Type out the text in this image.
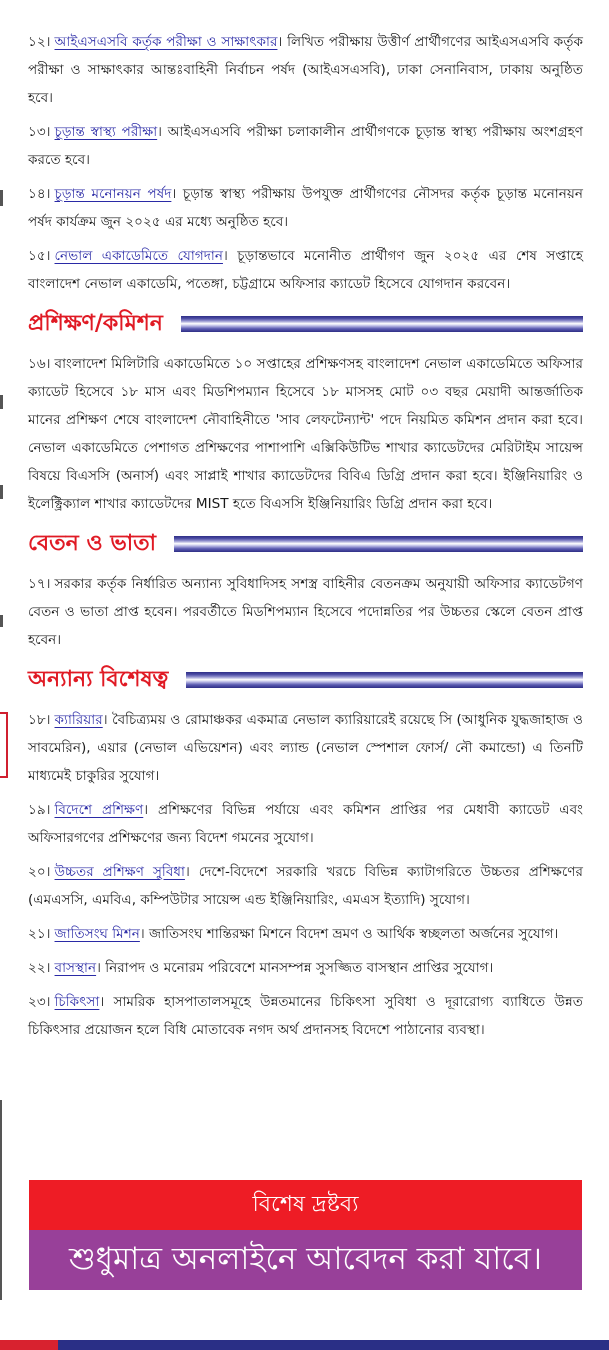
১২। আইএসএসবি কর্তৃক পরীক্ষা ও সাক্ষাৎকার। লিখিত পরীক্ষায় উত্তীর্ণ প্রার্থীগণের আইএসএসবি কর্তৃক পরীক্ষা ও সাক্ষাৎকার আন্তঃবাহিনী নির্বাচন পর্ষদ (আইএসএসবি), ঢাকা সেনানিবাস, ঢাকায় অনুষ্ঠিত হবে।

১৩। চূড়ান্ত স্বাস্থ্য পরীক্ষা। আইএসএসবি পরীক্ষা চলাকালীন প্রার্থীগণকে চূড়ান্ত স্বাস্থ্য পরীক্ষায় অংশগ্রহণ করতে হবে।

১৪। চূড়ান্ত মনোনয়ন পর্ষদ। চূড়ান্ত স্বাস্থ্য পরীক্ষায় উপযুক্ত প্রার্থীগণের নৌসদর কর্তৃক চূড়ান্ত মনোনয়ন পর্ষদ কার্যক্রম জুন ২০২৫ এর মধ্যে অনুষ্ঠিত হবে।

১৫। নেভাল একাডেমিতে যোগদান। চূড়ান্তভাবে মনোনীত প্রার্থীগণ জুন ২০২৫ এর শেষ সপ্তাহে বাংলাদেশ নেভাল একাডেমি, পতেঙ্গা, চট্টগ্রামে অফিসার ক্যাডেট হিসেবে যোগদান করবেন।

প্রশিক্ষণ/কমিশন

১৬। বাংলাদেশ মিলিটারি একাডেমিতে ১০ সপ্তাহের প্রশিক্ষণসহ বাংলাদেশ নেভাল একাডেমিতে অফিসার ক্যাডেট হিসেবে ১৮ মাস এবং মিডশিপম্যান হিসেবে ১৮ মাসসহ মোট ০৩ বছর মেয়াদী আন্তর্জাতিক মানের প্রশিক্ষণ শেষে বাংলাদেশ নৌবাহিনীতে 'সাব লেফটেন্যান্ট' পদে নিয়মিত কমিশন প্রদান করা হবে। নেভাল একাডেমিতে পেশাগত প্রশিক্ষণের পাশাপাশি এক্সিকিউটিভ শাখার ক্যাডেটদের মেরিটাইম সায়েন্স বিষয়ে বিএসসি (অনার্স) এবং সাপ্লাই শাখার ক্যাডেটদের বিবিএ ডিগ্রি প্রদান করা হবে। ইঞ্জিনিয়ারিং ও ইলেক্ট্রিক্যাল শাখার ক্যাডেটদের MIST হতে বিএসসি ইঞ্জিনিয়ারিং ডিগ্রি প্রদান করা হবে।

বেতন ও ভাতা

১৭। সরকার কর্তৃক নির্ধারিত অন্যান্য সুবিধাদিসহ সশস্ত্র বাহিনীর বেতনক্রম অনুযায়ী অফিসার ক্যাডেটগণ বেতন ও ভাতা প্রাপ্ত হবেন। পরবর্তীতে মিডশিপম্যান হিসেবে পদোন্নতির পর উচ্চতর স্কেলে বেতন প্রাপ্ত হবেন।

অন্যান্য বিশেষত্ব

১৮। ক্যারিয়ার। বৈচিত্র্যময় ও রোমাঞ্চকর একমাত্র নেভাল ক্যারিয়ারেই রয়েছে সি (আধুনিক যুদ্ধজাহাজ ও সাবমেরিন), এয়ার (নেভাল এভিয়েশন) এবং ল্যান্ড (নেভাল স্পেশাল ফোর্স/ নৌ কমান্ডো) এ তিনটি মাধ্যমেই চাকুরির সুযোগ।

১৯। বিদেশে প্রশিক্ষণ। প্রশিক্ষণের বিভিন্ন পর্যায়ে এবং কমিশন প্রাপ্তির পর মেধাবী ক্যাডেট এবং অফিসারগণের প্রশিক্ষণের জন্য বিদেশ গমনের সুযোগ।

২০। উচ্চতর প্রশিক্ষণ সুবিধা। দেশে-বিদেশে সরকারি খরচে বিভিন্ন ক্যাটাগরিতে উচ্চতর প্রশিক্ষণের (এমএসসি, এমবিএ, কম্পিউটার সায়েন্স এন্ড ইঞ্জিনিয়ারিং, এমএস ইত্যাদি) সুযোগ।

২১। জাতিসংঘ মিশন। জাতিসংঘ শান্তিরক্ষা মিশনে বিদেশ ভ্রমণ ও আর্থিক স্বচ্ছলতা অর্জনের সুযোগ।

২২। বাসস্থান। নিরাপদ ও মনোরম পরিবেশে মানসম্পন্ন সুসজ্জিত বাসস্থান প্রাপ্তির সুযোগ।

২৩। চিকিৎসা। সামরিক হাসপাতালসমূহে উন্নতমানের চিকিৎসা সুবিধা ও দূরারোগ্য ব্যাধিতে উন্নত চিকিৎসার প্রয়োজন হলে বিধি মোতাবেক নগদ অর্থ প্রদানসহ বিদেশে পাঠানোর ব্যবস্থা।

বিশেষ দ্রষ্টব্য
শুধুমাত্র অনলাইনে আবেদন করা যাবে।
